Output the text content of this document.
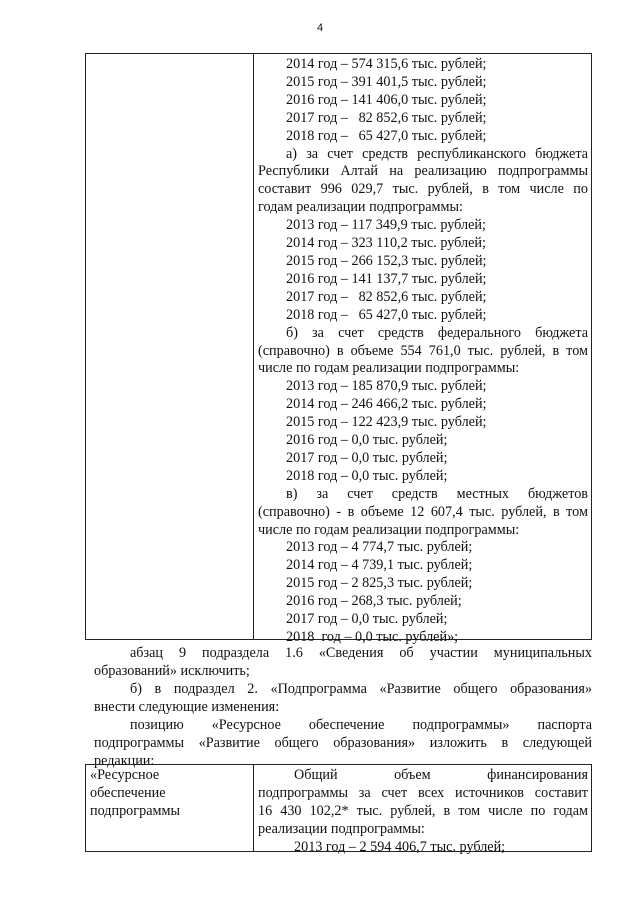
4
2014 год – 574 315,6 тыс. рублей;
2015 год – 391 401,5 тыс. рублей;
2016 год – 141 406,0 тыс. рублей;
2017 год –   82 852,6 тыс. рублей;
2018 год –   65 427,0 тыс. рублей;
а) за счет средств республиканского бюджета
Республики Алтай на реализацию подпрограммы
составит 996 029,7 тыс. рублей, в том числе по
годам реализации подпрограммы:
2013 год – 117 349,9 тыс. рублей;
2014 год – 323 110,2 тыс. рублей;
2015 год – 266 152,3 тыс. рублей;
2016 год – 141 137,7 тыс. рублей;
2017 год –   82 852,6 тыс. рублей;
2018 год –   65 427,0 тыс. рублей;
б) за счет средств федерального бюджета
(справочно) в объеме 554 761,0 тыс. рублей, в том
числе по годам реализации подпрограммы:
2013 год – 185 870,9 тыс. рублей;
2014 год – 246 466,2 тыс. рублей;
2015 год – 122 423,9 тыс. рублей;
2016 год – 0,0 тыс. рублей;
2017 год – 0,0 тыс. рублей;
2018 год – 0,0 тыс. рублей;
в) за счет средств местных бюджетов
(справочно) - в объеме 12 607,4 тыс. рублей, в том
числе по годам реализации подпрограммы:
2013 год – 4 774,7 тыс. рублей;
2014 год – 4 739,1 тыс. рублей;
2015 год – 2 825,3 тыс. рублей;
2016 год – 268,3 тыс. рублей;
2017 год – 0,0 тыс. рублей;
2018  год – 0,0 тыс. рублей»;
абзац 9 подраздела 1.6 «Сведения об участии муниципальных
образований» исключить;
б) в подраздел 2. «Подпрограмма «Развитие общего образования»
внести следующие изменения:
позицию «Ресурсное обеспечение подпрограммы» паспорта
подпрограммы «Развитие общего образования» изложить в следующей
редакции:
«Ресурсное
обеспечение
подпрограммы
Общий объем финансирования
подпрограммы за счет всех источников составит
16 430 102,2* тыс. рублей, в том числе по годам
реализации подпрограммы:
2013 год – 2 594 406,7 тыс. рублей;
